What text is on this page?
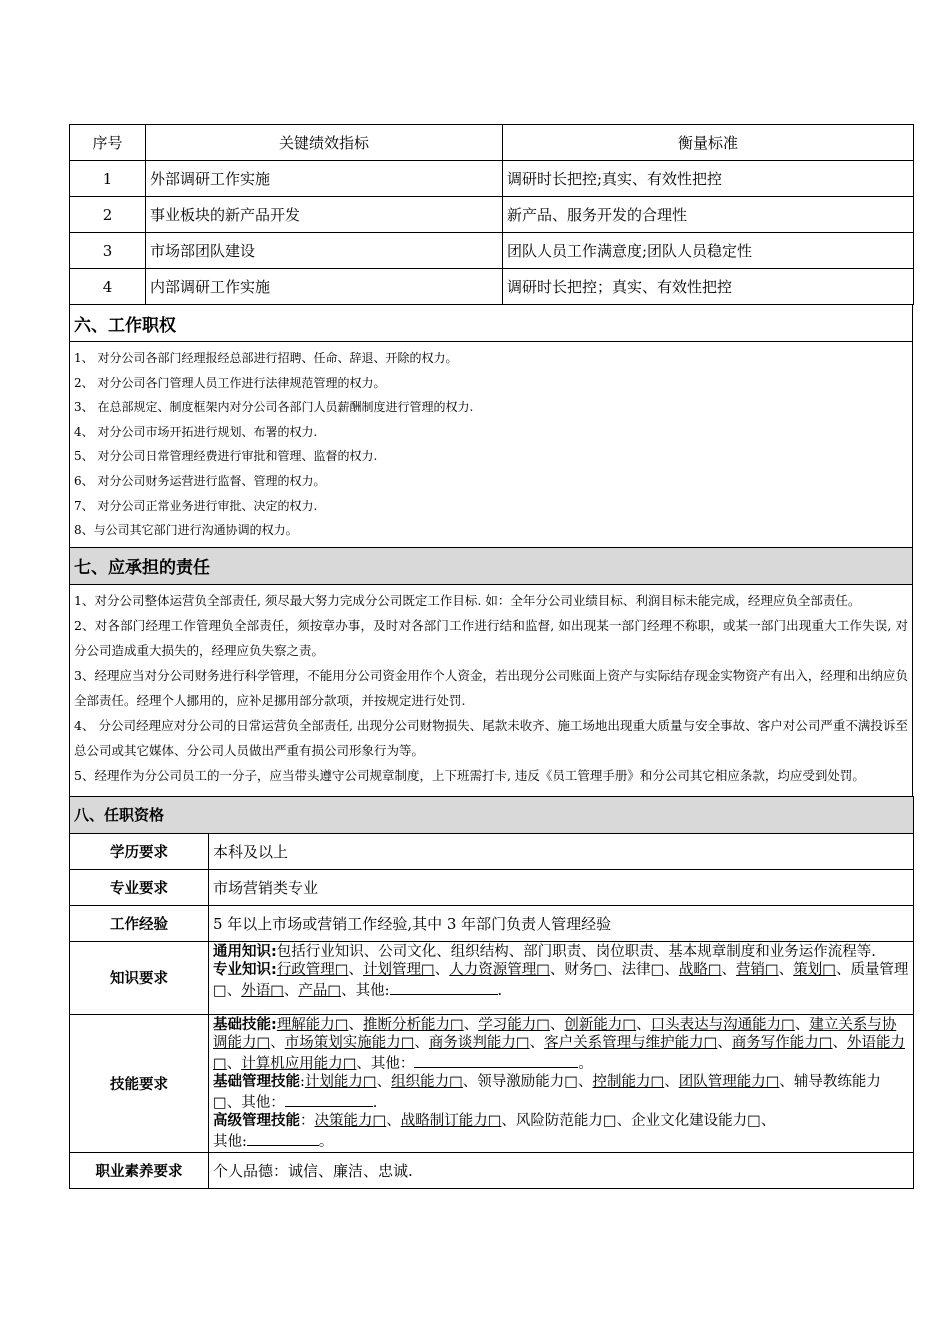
序号	关键绩效指标	衡量标准
1	外部调研工作实施	调研时长把控;真实、有效性把控
2	事业板块的新产品开发	新产品、服务开发的合理性
3	市场部团队建设	团队人员工作满意度;团队人员稳定性
4	内部调研工作实施	调研时长把控；真实、有效性把控
六、工作职权

1、 对分公司各部门经理报经总部进行招聘、任命、辞退、开除的权力。
2、 对分公司各门管理人员工作进行法律规范管理的权力。
3、 在总部规定、制度框架内对分公司各部门人员薪酬制度进行管理的权力.
4、 对分公司市场开拓进行规划、布署的权力.
5、 对分公司日常管理经费进行审批和管理、监督的权力.
6、 对分公司财务运营进行监督、管理的权力。
7、 对分公司正常业务进行审批、决定的权力.
8、与公司其它部门进行沟通协调的权力。
七、应承担的责任

1、对分公司整体运营负全部责任, 须尽最大努力完成分公司既定工作目标. 如：全年分公司业绩目标、利润目标未能完成，经理应负全部责任。

2、对各部门经理工作管理负全部责任，须按章办事，及时对各部门工作进行结和监督, 如出现某一部门经理不称职，或某一部门出现重大工作失误, 对分公司造成重大损失的，经理应负失察之责。

3、经理应当对分公司财务进行科学管理，不能用分公司资金用作个人资金，若出现分公司账面上资产与实际结存现金实物资产有出入，经理和出纳应负全部责任。经理个人挪用的，应补足挪用部分款项，并按规定进行处罚.

4、 分公司经理应对分公司的日常运营负全部责任, 出现分公司财物损失、尾款未收齐、施工场地出现重大质量与安全事故、客户对公司严重不满投诉至总公司或其它媒体、分公司人员做出严重有损公司形象行为等。

5、经理作为分公司员工的一分子，应当带头遵守公司规章制度，上下班需打卡, 违反《员工管理手册》和分公司其它相应条款，均应受到处罚。

八、任职资格	
学历要求	本科及以上
专业要求	市场营销类专业
工作经验	5 年以上市场或营销工作经验,其中 3 年部门负责人管理经验
知识要求	通用知识:包括行业知识、公司文化、组织结构、部门职责、岗位职责、基本规章制度和业务运作流程等.
专业知识:行政管理□、计划管理□、人力资源管理□、财务□、法律□、战略□、营销□、策划□、质量管理□、外语□、产品□、其他: .
技能要求	基础技能:理解能力□、推断分析能力□、学习能力□、创新能力□、口头表达与沟通能力□、建立关系与协调能力□、市场策划实施能力□、商务谈判能力□、客户关系管理与维护能力□、商务写作能力□、外语能力□、计算机应用能力□、其他： 。
基础管理技能:计划能力□、组织能力□、领导激励能力□、控制能力□、团队管理能力□、辅导教练能力□、其他： .
高级管理技能：决策能力□、战略制订能力□、风险防范能力□、企业文化建设能力□、
其他: 。
职业素养要求	个人品德：诚信、廉洁、忠诚.
